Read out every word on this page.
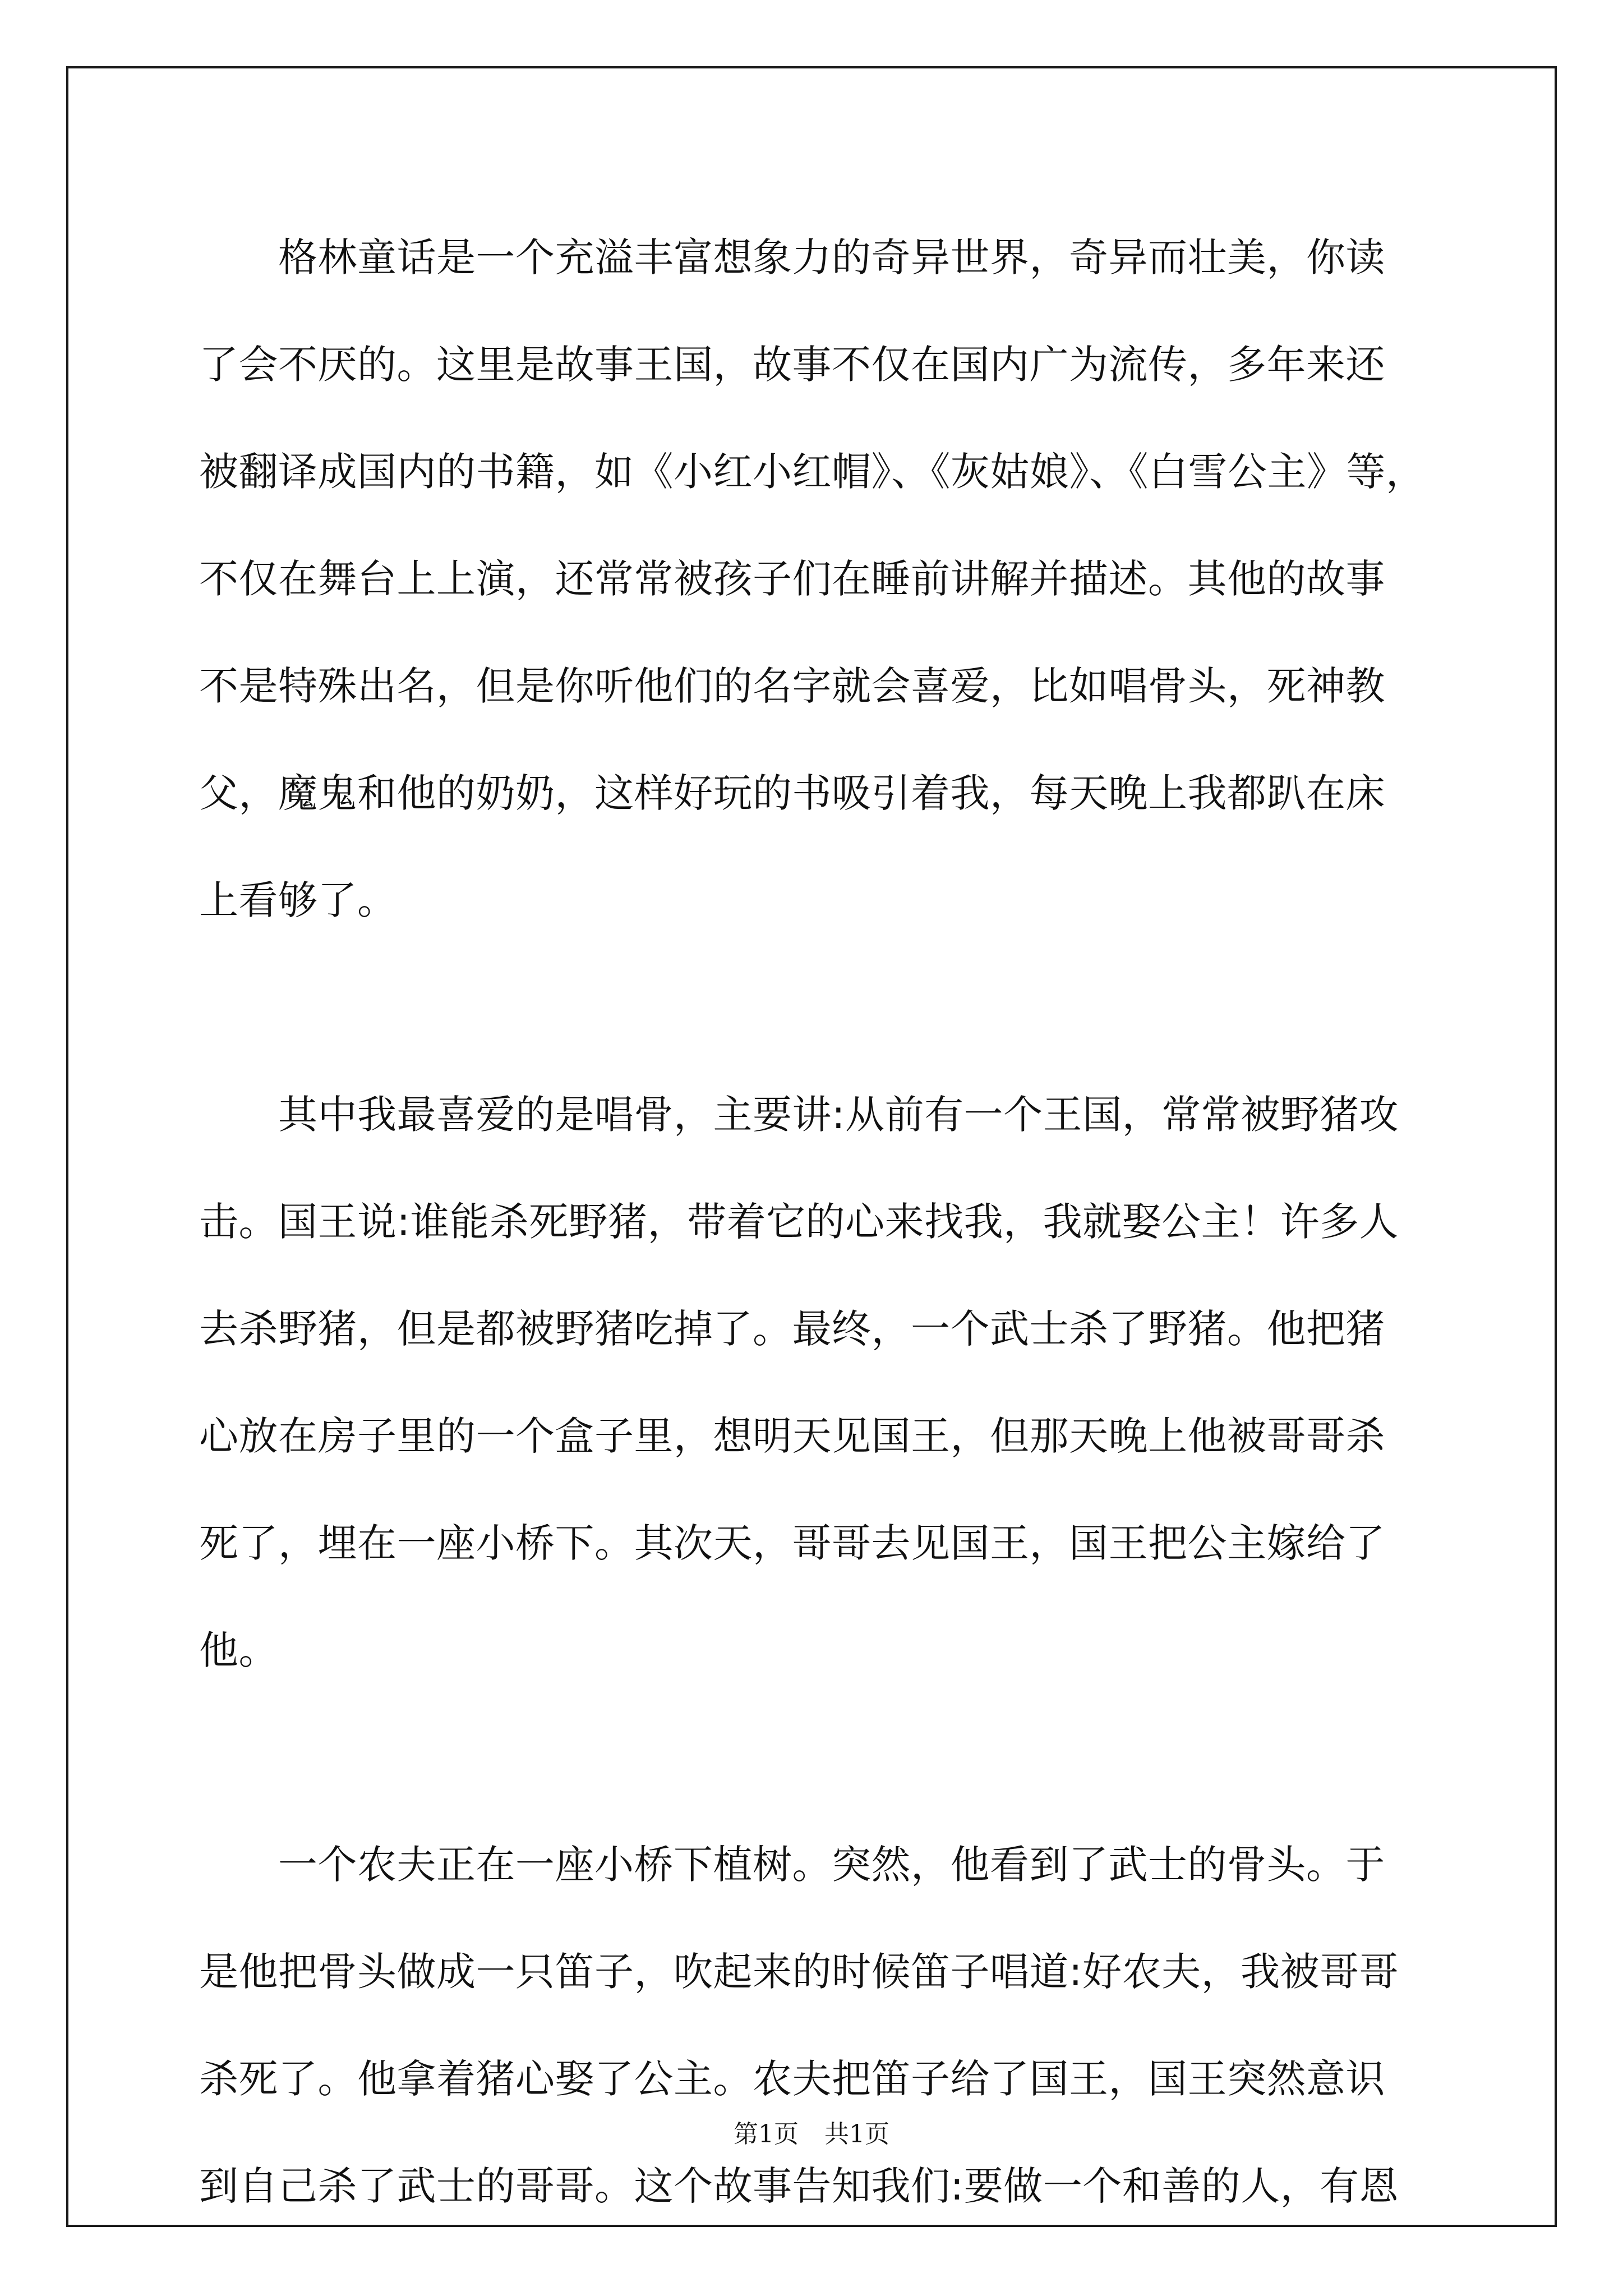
　　格林童话是一个充溢丰富想象力的奇异世界，奇异而壮美，你读
了会不厌的。这里是故事王国，故事不仅在国内广为流传，多年来还
被翻译成国内的书籍，如《小红小红帽》、《灰姑娘》、《白雪公主》等，
不仅在舞台上上演，还常常被孩子们在睡前讲解并描述。其他的故事
不是特殊出名，但是你听他们的名字就会喜爱，比如唱骨头，死神教
父，魔鬼和他的奶奶，这样好玩的书吸引着我，每天晚上我都趴在床
上看够了。
　　其中我最喜爱的是唱骨，主要讲:从前有一个王国，常常被野猪攻
击。国王说:谁能杀死野猪，带着它的心来找我，我就娶公主！许多人
去杀野猪，但是都被野猪吃掉了。最终，一个武士杀了野猪。他把猪
心放在房子里的一个盒子里，想明天见国王，但那天晚上他被哥哥杀
死了，埋在一座小桥下。其次天，哥哥去见国王，国王把公主嫁给了
他。
　　一个农夫正在一座小桥下植树。突然，他看到了武士的骨头。于
是他把骨头做成一只笛子，吹起来的时候笛子唱道:好农夫，我被哥哥
杀死了。他拿着猪心娶了公主。农夫把笛子给了国王，国王突然意识
到自己杀了武士的哥哥。这个故事告知我们:要做一个和善的人，有恩
第1页 共1页
